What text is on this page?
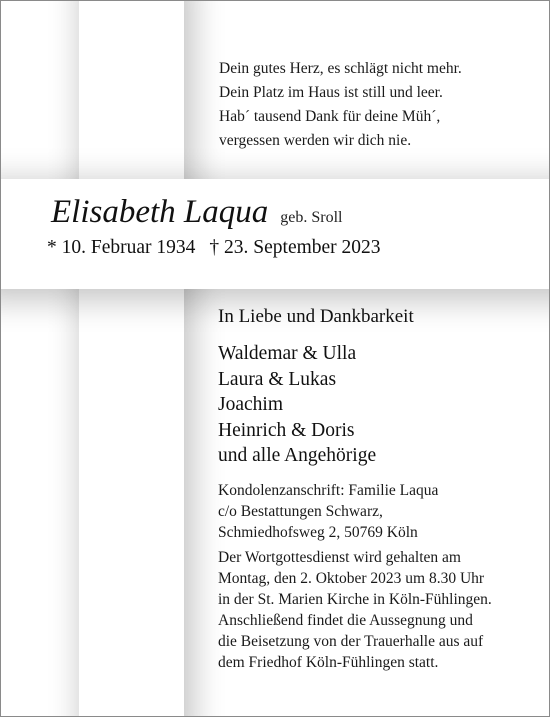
Dein gutes Herz, es schlägt nicht mehr.
Dein Platz im Haus ist still und leer.
Hab´ tausend Dank für deine Müh´,
vergessen werden wir dich nie.
Elisabeth Laqua geb. Sroll
* 10. Februar 1934 † 23. September 2023
In Liebe und Dankbarkeit
Waldemar & Ulla
Laura & Lukas
Joachim
Heinrich & Doris
und alle Angehörige
Kondolenzanschrift: Familie Laqua
c/o Bestattungen Schwarz,
Schmiedhofsweg 2, 50769 Köln
Der Wortgottesdienst wird gehalten am
Montag, den 2. Oktober 2023 um 8.30 Uhr
in der St. Marien Kirche in Köln-Fühlingen.
Anschließend findet die Aussegnung und
die Beisetzung von der Trauerhalle aus auf
dem Friedhof Köln-Fühlingen statt.
